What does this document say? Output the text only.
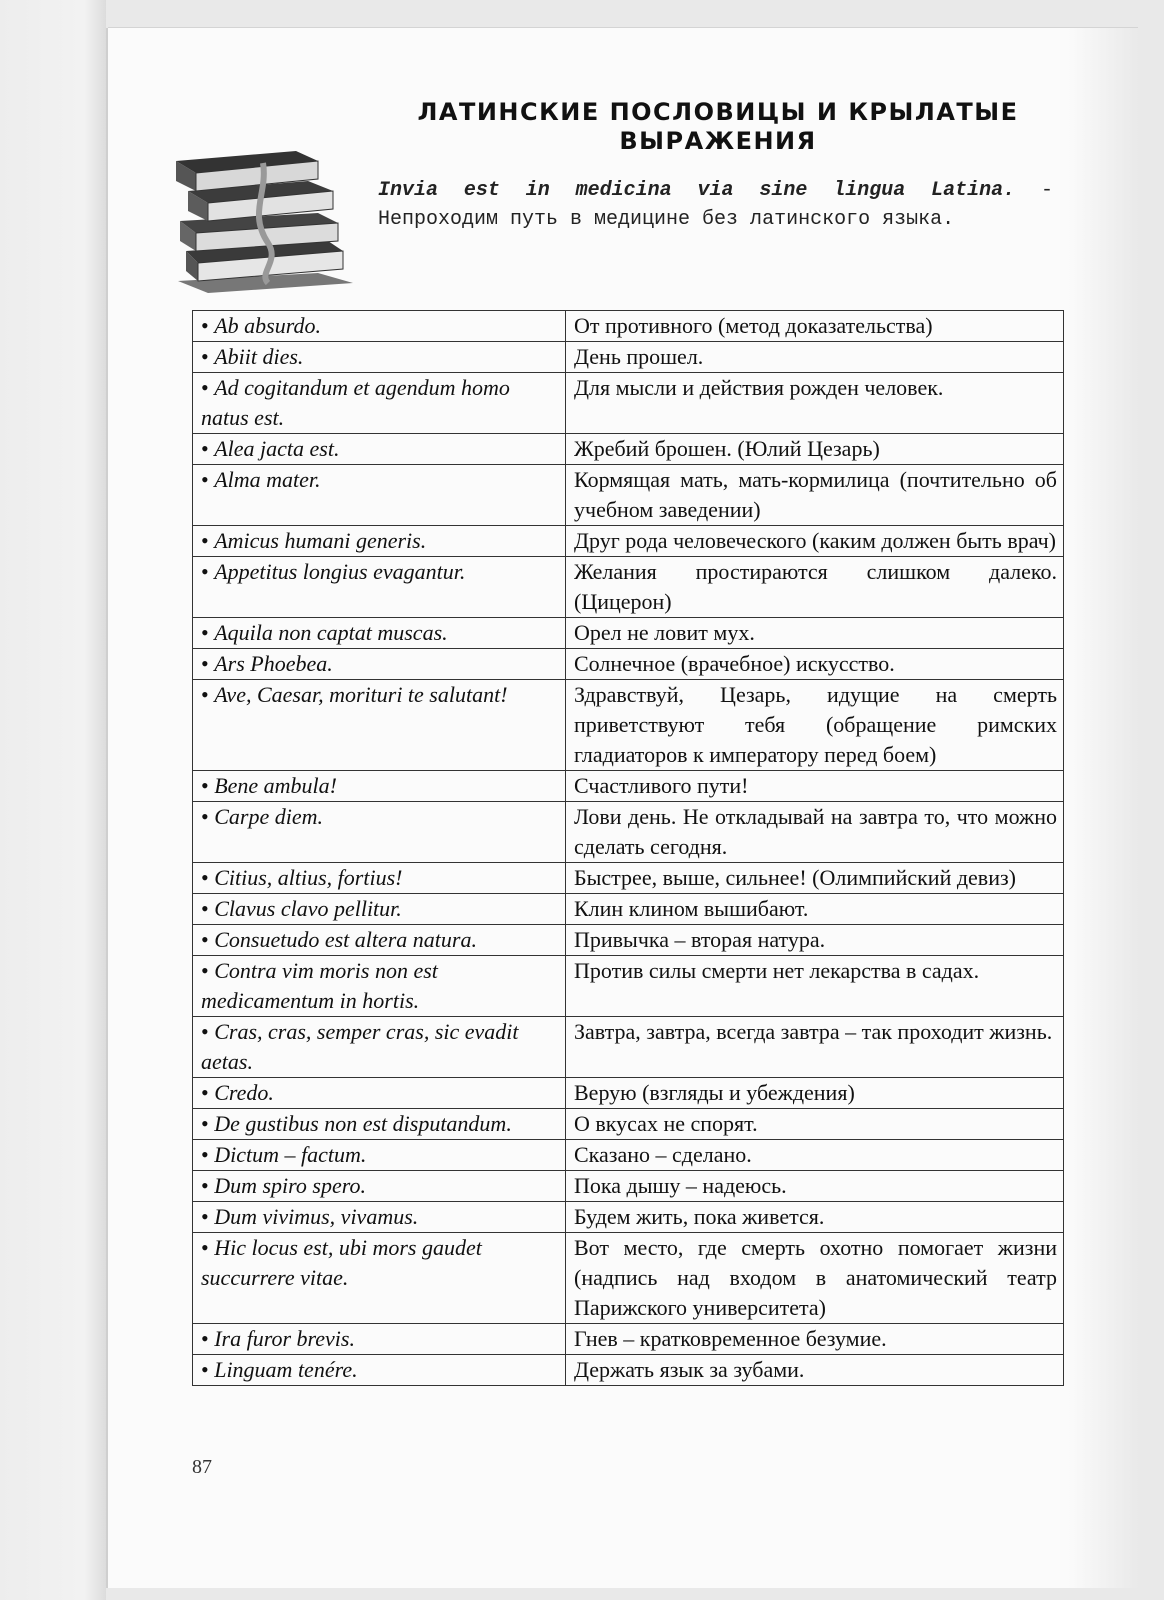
ЛАТИНСКИЕ ПОСЛОВИЦЫ И КРЫЛАТЫЕ ВЫРАЖЕНИЯ
Invia est in medicina via sine lingua Latina. - Непроходим путь в медицине без латинского языка.
• Ab absurdo.	От противного (метод доказательства)
• Abiit dies.	День прошел.
• Ad cogitandum et agendum homo natus est.	Для мысли и действия рожден человек.
• Alea jacta est.	Жребий брошен. (Юлий Цезарь)
• Alma mater.	Кормящая мать, мать-кормилица (почтительно об учебном заведении)
• Amicus humani generis.	Друг рода человеческого (каким должен быть врач)
• Appetitus longius evagantur.	Желания простираются слишком далеко. (Цицерон)
• Aquila non captat muscas.	Орел не ловит мух.
• Ars Phoebea.	Солнечное (врачебное) искусство.
• Ave, Caesar, morituri te salutant!	Здравствуй, Цезарь, идущие на смерть приветствуют тебя (обращение римских гладиаторов к императору перед боем)
• Bene ambula!	Счастливого пути!
• Carpe diem.	Лови день. Не откладывай на завтра то, что можно сделать сегодня.
• Citius, altius, fortius!	Быстрее, выше, сильнее! (Олимпийский девиз)
• Clavus clavo pellitur.	Клин клином вышибают.
• Consuetudo est altera natura.	Привычка – вторая натура.
• Contra vim moris non est medicamentum in hortis.	Против силы смерти нет лекарства в садах.
• Cras, cras, semper cras, sic evadit aetas.	Завтра, завтра, всегда завтра – так проходит жизнь.
• Credo.	Верую (взгляды и убеждения)
• De gustibus non est disputandum.	О вкусах не спорят.
• Dictum – factum.	Сказано – сделано.
• Dum spiro spero.	Пока дышу – надеюсь.
• Dum vivimus, vivamus.	Будем жить, пока живется.
• Hic locus est, ubi mors gaudet succurrere vitae.	Вот место, где смерть охотно помогает жизни (надпись над входом в анатомический театр Парижского университета)
• Ira furor brevis.	Гнев – кратковременное безумие.
• Linguam tenére.	Держать язык за зубами.
87
